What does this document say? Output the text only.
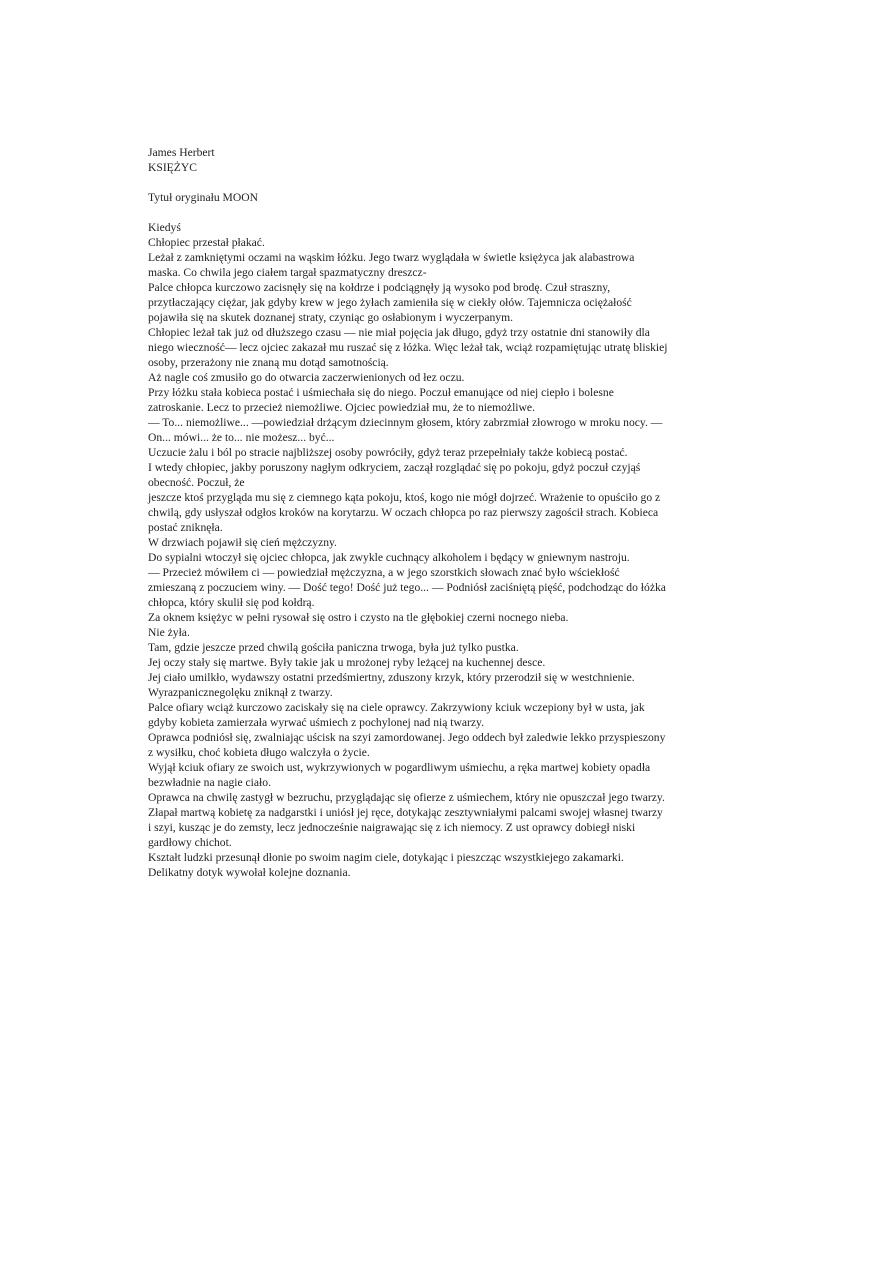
James Herbert

KSIĘŻYC

Tytuł oryginału MOON

Kiedyś

Chłopiec przestał płakać.

Leżał z zamkniętymi oczami na wąskim łóżku. Jego twarz wyglądała w świetle księżyca jak alabastrowa maska. Co chwila jego ciałem targał spazmatyczny dreszcz-

Palce chłopca kurczowo zacisnęły się na kołdrze i podciągnęły ją wysoko pod brodę. Czuł straszny, przytłaczający ciężar, jak gdyby krew w jego żyłach zamieniła się w ciekły ołów. Tajemnicza ociężałość pojawiła się na skutek doznanej straty, czyniąc go osłabionym i wyczerpanym.

Chłopiec leżał tak już od dłuższego czasu — nie miał pojęcia jak długo, gdyż trzy ostatnie dni stanowiły dla niego wieczność— lecz ojciec zakazał mu ruszać się z łóżka. Więc leżał tak, wciąż rozpamiętując utratę bliskiej osoby, przerażony nie znaną mu dotąd samotnością.

Aż nagle coś zmusiło go do otwarcia zaczerwienionych od łez oczu.

Przy łóżku stała kobieca postać i uśmiechała się do niego. Poczuł emanujące od niej ciepło i bolesne zatroskanie. Lecz to przecież niemożliwe. Ojciec powiedział mu, że to niemożliwe.

— To... niemożliwe... —powiedział drżącym dziecinnym głosem, który zabrzmiał złowrogo w mroku nocy. — On... mówi... że to... nie możesz... być...

Uczucie żalu i ból po stracie najbliższej osoby powróciły, gdyż teraz przepełniały także kobiecą postać.

I wtedy chłopiec, jakby poruszony nagłym odkryciem, zaczął rozglądać się po pokoju, gdyż poczuł czyjąś obecność. Poczuł, że

jeszcze ktoś przygląda mu się z ciemnego kąta pokoju, ktoś, kogo nie mógł dojrzeć. Wrażenie to opuściło go z chwilą, gdy usłyszał odgłos kroków na korytarzu. W oczach chłopca po raz pierwszy zagościł strach. Kobieca postać zniknęła.

W drzwiach pojawił się cień mężczyzny.

Do sypialni wtoczył się ojciec chłopca, jak zwykle cuchnący alkoholem i będący w gniewnym nastroju.

— Przecież mówiłem ci — powiedział mężczyzna, a w jego szorstkich słowach znać było wściekłość zmieszaną z poczuciem winy. — Dość tego! Dość już tego... — Podniósł zaciśniętą pięść, podchodząc do łóżka chłopca, który skulił się pod kołdrą.

Za oknem księżyc w pełni rysował się ostro i czysto na tle głębokiej czerni nocnego nieba.

Nie żyła.

Tam, gdzie jeszcze przed chwilą gościła paniczna trwoga, była już tylko pustka.

Jej oczy stały się martwe. Były takie jak u mrożonej ryby leżącej na kuchennej desce.

Jej ciało umilkło, wydawszy ostatni przedśmiertny, zduszony krzyk, który przerodził się w westchnienie. Wyrazpanicznegolęku zniknął z twarzy.

Palce ofiary wciąż kurczowo zaciskały się na ciele oprawcy. Zakrzywiony kciuk wczepiony był w usta, jak gdyby kobieta zamierzała wyrwać uśmiech z pochylonej nad nią twarzy.

Oprawca podniósł się, zwalniając uścisk na szyi zamordowanej. Jego oddech był zaledwie lekko przyspieszony z wysiłku, choć kobieta długo walczyła o życie.

Wyjął kciuk ofiary ze swoich ust, wykrzywionych w pogardliwym uśmiechu, a ręka martwej kobiety opadła bezwładnie na nagie ciało.

Oprawca na chwilę zastygł w bezruchu, przyglądając się ofierze z uśmiechem, który nie opuszczał jego twarzy.

Złapał martwą kobietę za nadgarstki i uniósł jej ręce, dotykając zesztywniałymi palcami swojej własnej twarzy i szyi, kusząc je do zemsty, lecz jednocześnie naigrawając się z ich niemocy. Z ust oprawcy dobiegł niski gardłowy chichot.

Kształt ludzki przesunął dłonie po swoim nagim ciele, dotykając i pieszcząc wszystkiejego zakamarki. Delikatny dotyk wywołał kolejne doznania.
